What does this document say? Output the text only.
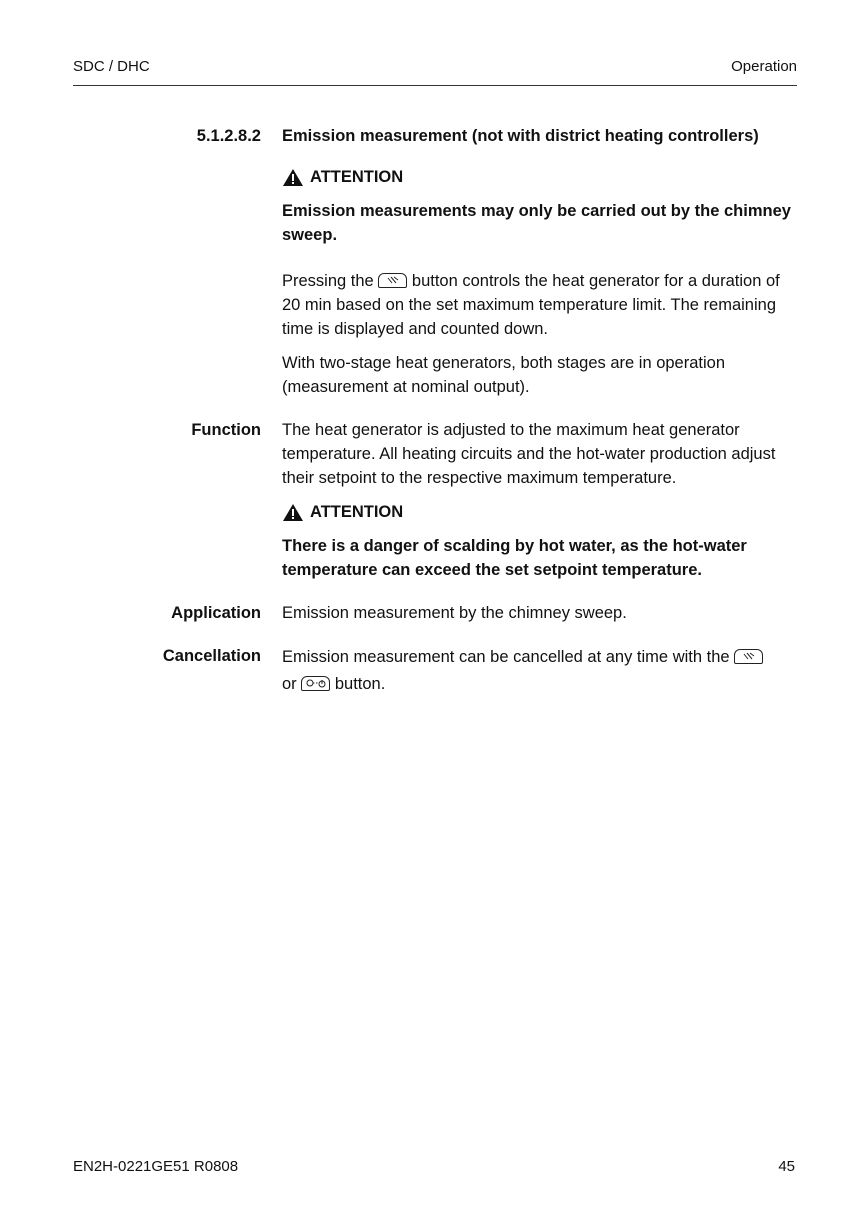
SDC / DHC	Operation
5.1.2.8.2 Emission measurement (not with district heating controllers)
ATTENTION

Emission measurements may only be carried out by the chimney sweep.

Pressing the button controls the heat generator for a duration of 20 min based on the set maximum temperature limit. The remaining time is displayed and counted down.

With two-stage heat generators, both stages are in operation (measurement at nominal output).

Function The heat generator is adjusted to the maximum heat generator temperature. All heating circuits and the hot-water production adjust their setpoint to the respective maximum temperature.

ATTENTION

There is a danger of scalding by hot water, as the hot-water temperature can exceed the set setpoint temperature.

Application Emission measurement by the chimney sweep.

Cancellation Emission measurement can be cancelled at any time with the

or button.

EN2H-0221GE51 R0808	45
